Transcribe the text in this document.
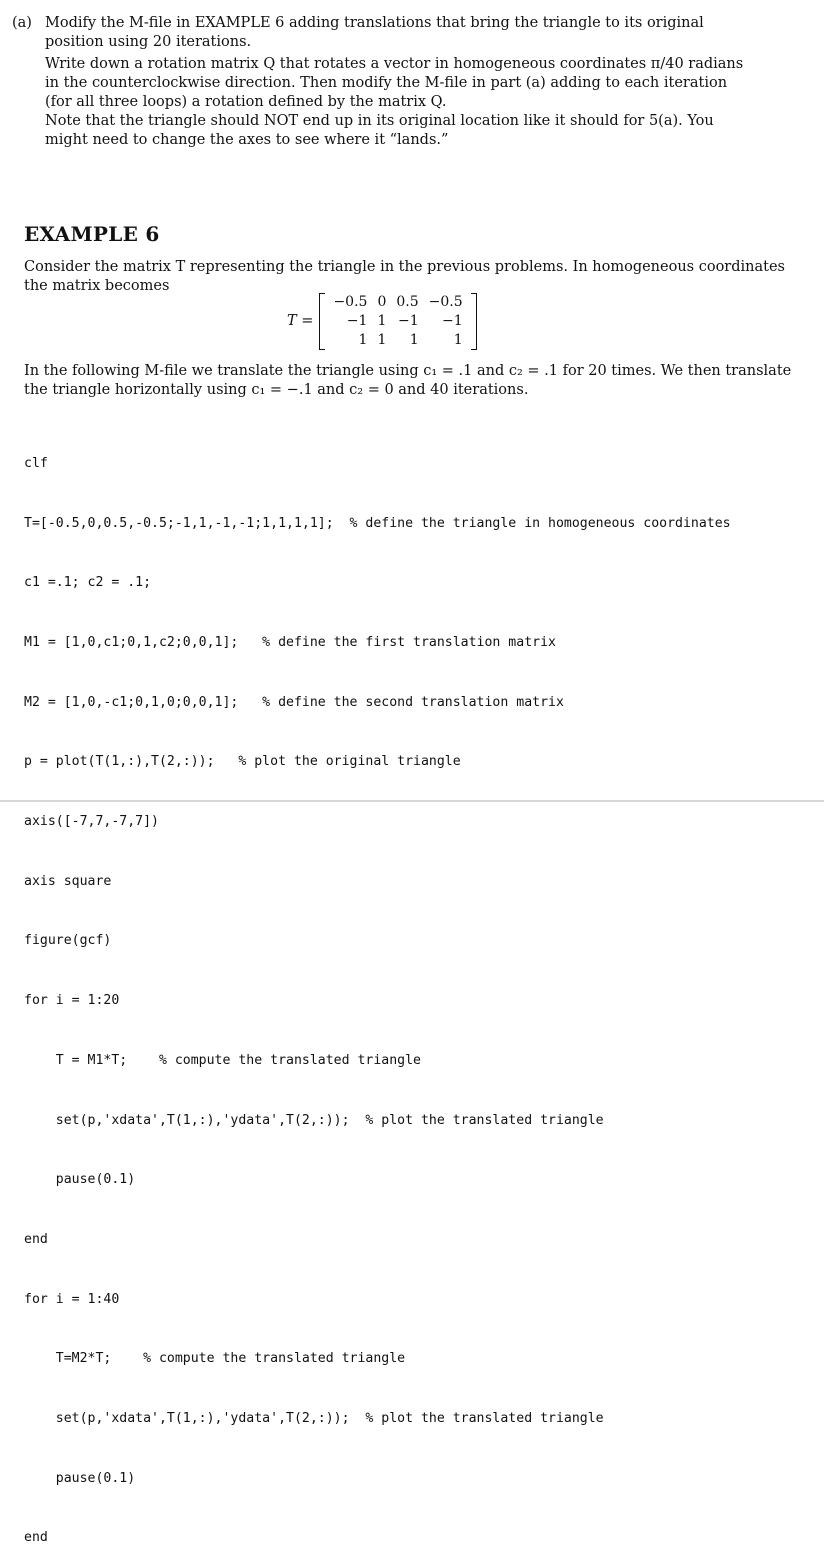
(a) Modify the M-file in EXAMPLE 6 adding translations that bring the triangle to its original
position using 20 iterations.
Write down a rotation matrix Q that rotates a vector in homogeneous coordinates π/40 radians
in the counterclockwise direction. Then modify the M-file in part (a) adding to each iteration
(for all three loops) a rotation defined by the matrix Q.
Note that the triangle should NOT end up in its original location like it should for 5(a). You
might need to change the axes to see where it “lands.”
EXAMPLE 6
Consider the matrix T representing the triangle in the previous problems. In homogeneous coordinates
the matrix becomes
T =
−0.5	0	0.5	−0.5
−1	1	−1	−1
1	1	1	1
In the following M-file we translate the triangle using c₁ = .1 and c₂ = .1 for 20 times. We then translate
the triangle horizontally using c₁ = −.1 and c₂ = 0 and 40 iterations.

clf

T=[-0.5,0,0.5,-0.5;-1,1,-1,-1;1,1,1,1];  % define the triangle in homogeneous coordinates

c1 =.1; c2 = .1;

M1 = [1,0,c1;0,1,c2;0,0,1];   % define the first translation matrix

M2 = [1,0,-c1;0,1,0;0,0,1];   % define the second translation matrix

p = plot(T(1,:),T(2,:));   % plot the original triangle

axis([-7,7,-7,7])

axis square

figure(gcf)

for i = 1:20

T = M1*T;    % compute the translated triangle

set(p,'xdata',T(1,:),'ydata',T(2,:));  % plot the translated triangle

pause(0.1)

end

for i = 1:40

T=M2*T;    % compute the translated triangle

set(p,'xdata',T(1,:),'ydata',T(2,:));  % plot the translated triangle

pause(0.1)

end
